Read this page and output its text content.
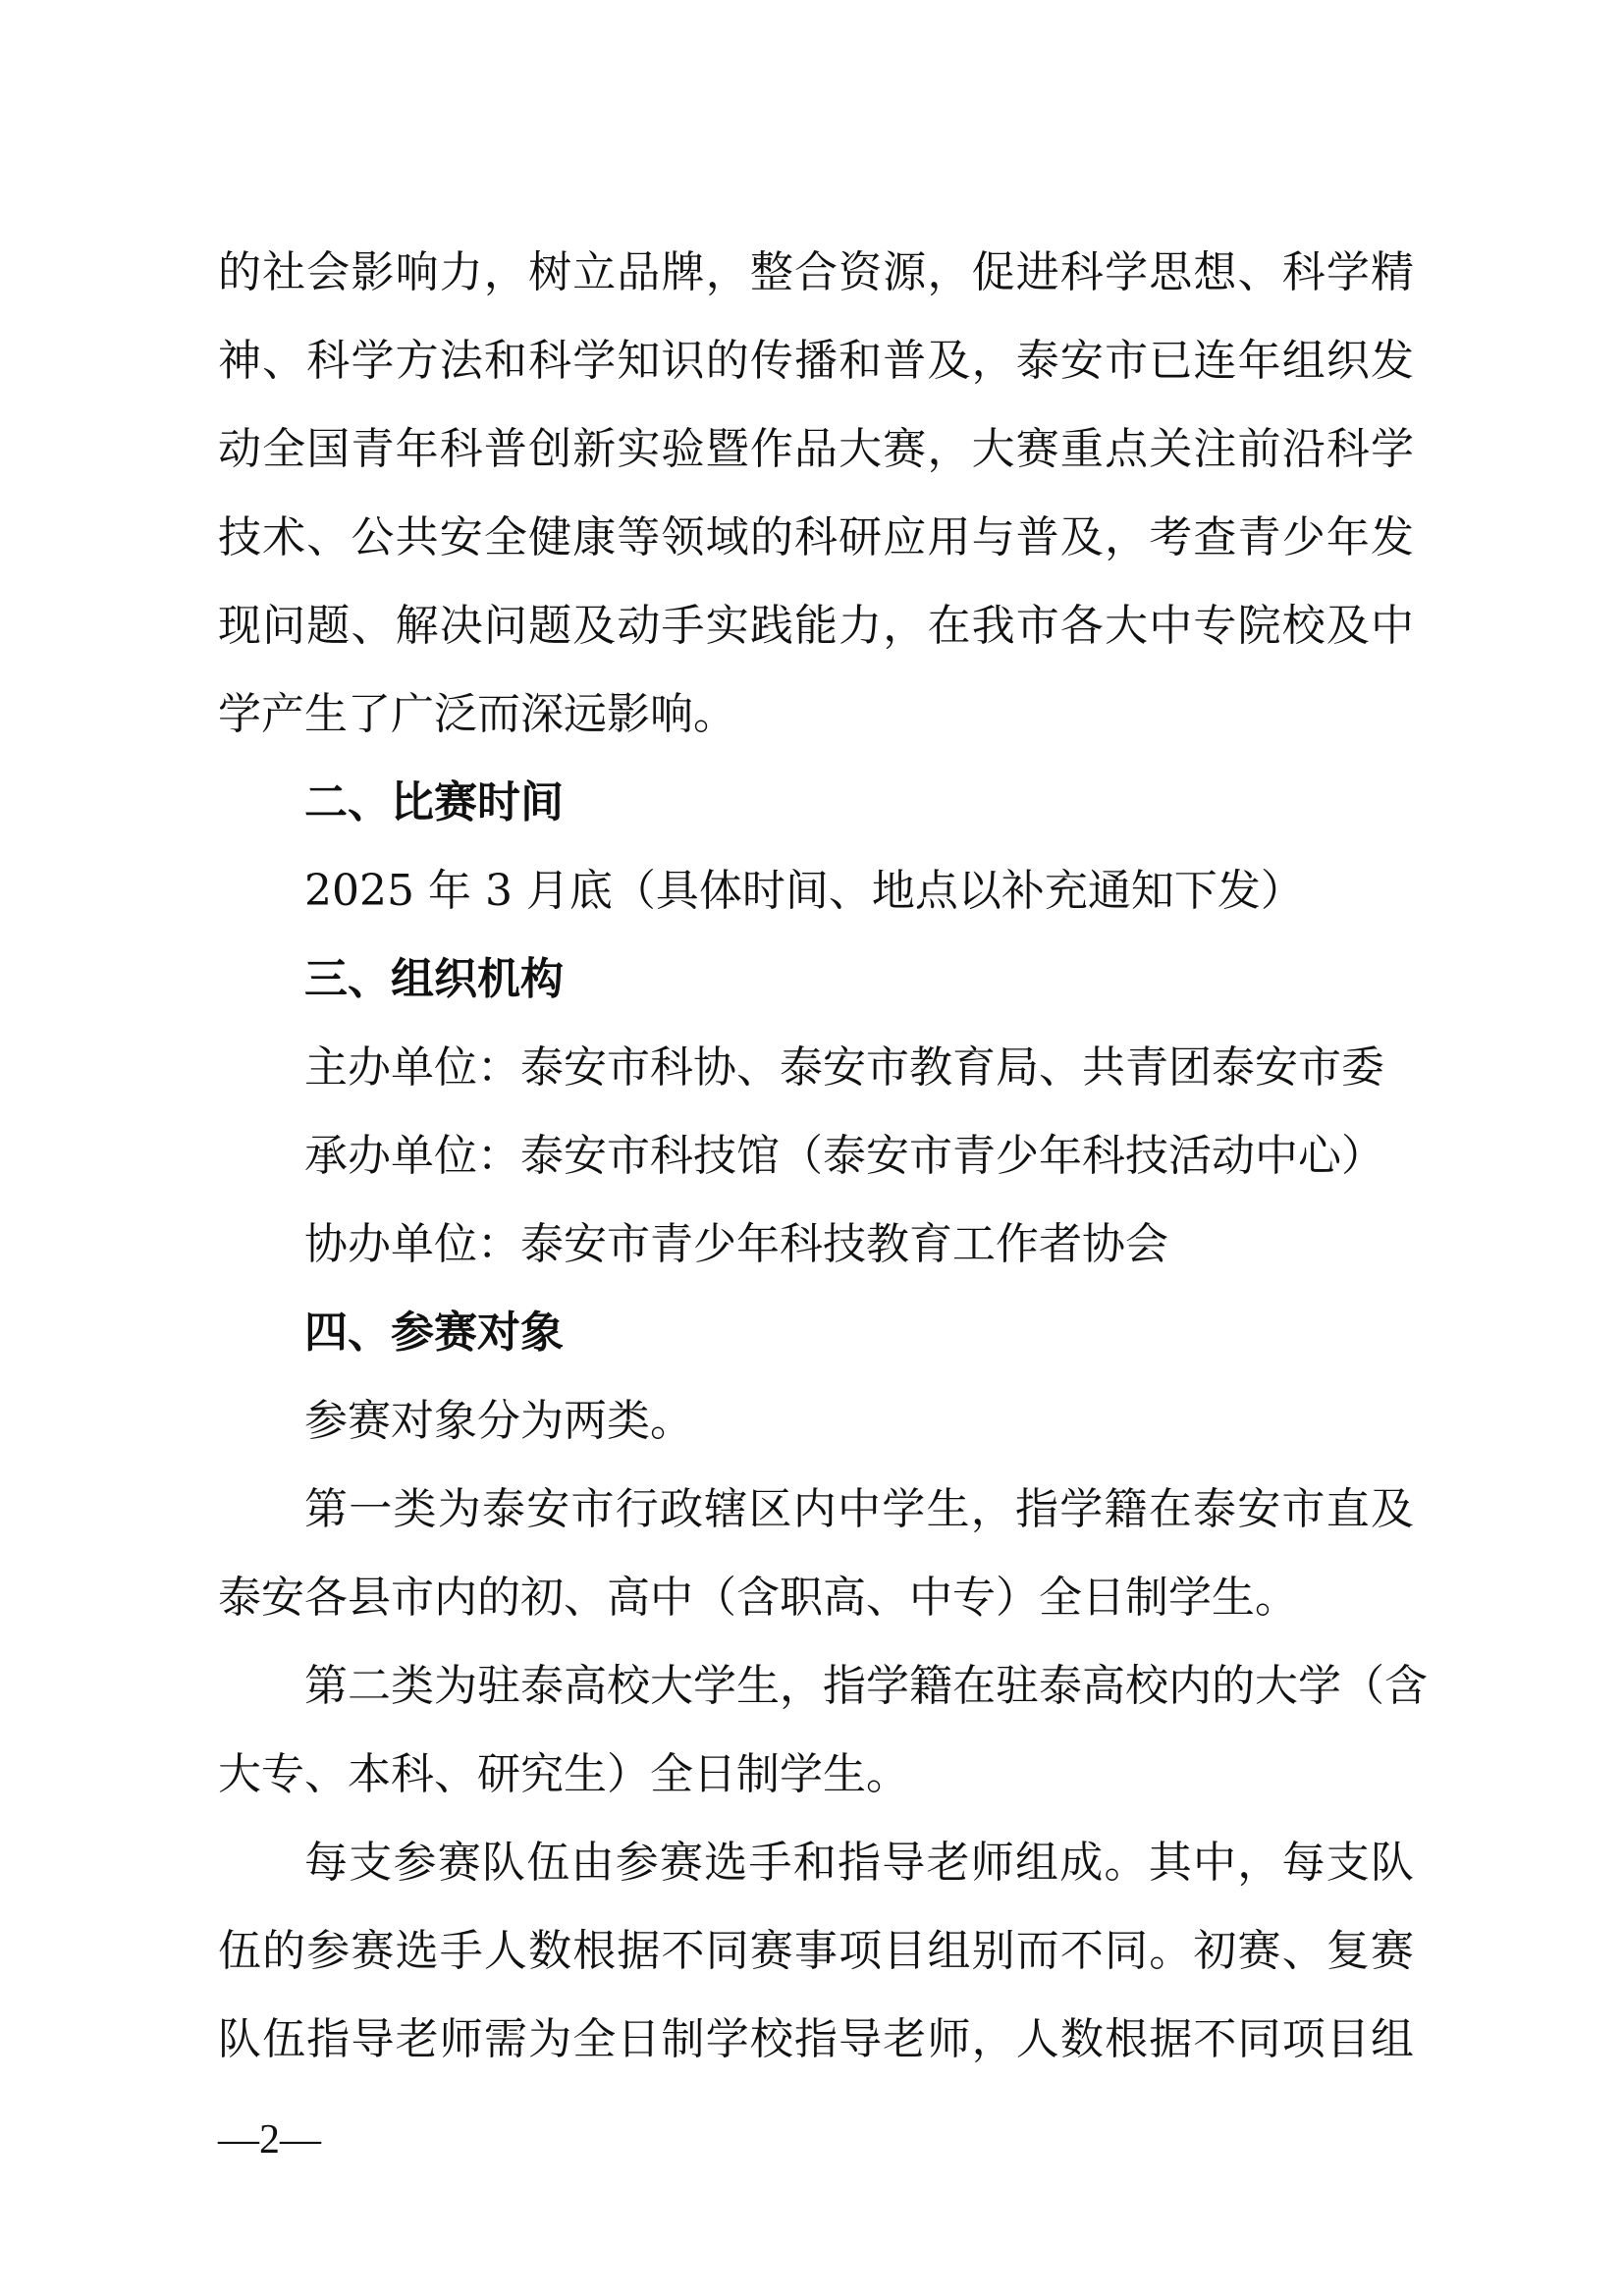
的社会影响力，树立品牌，整合资源，促进科学思想、科学精
神、科学方法和科学知识的传播和普及，泰安市已连年组织发
动全国青年科普创新实验暨作品大赛，大赛重点关注前沿科学
技术、公共安全健康等领域的科研应用与普及，考查青少年发
现问题、解决问题及动手实践能力，在我市各大中专院校及中
学产生了广泛而深远影响。
二、比赛时间
2025 年 3 月底（具体时间、地点以补充通知下发）
三、组织机构
主办单位：泰安市科协、泰安市教育局、共青团泰安市委
承办单位：泰安市科技馆（泰安市青少年科技活动中心）
协办单位：泰安市青少年科技教育工作者协会
四、参赛对象
参赛对象分为两类。
第一类为泰安市行政辖区内中学生，指学籍在泰安市直及
泰安各县市内的初、高中（含职高、中专）全日制学生。
第二类为驻泰高校大学生，指学籍在驻泰高校内的大学（含
大专、本科、研究生）全日制学生。
每支参赛队伍由参赛选手和指导老师组成。其中，每支队
伍的参赛选手人数根据不同赛事项目组别而不同。初赛、复赛
队伍指导老师需为全日制学校指导老师，人数根据不同项目组
—2—
